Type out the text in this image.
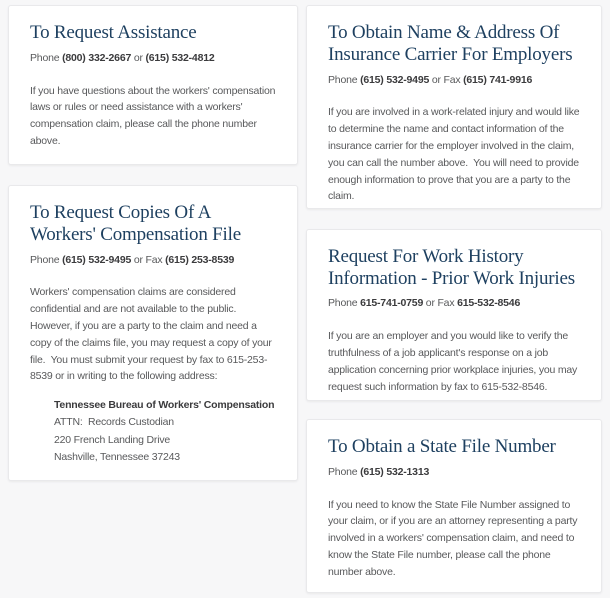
To Request Assistance

Phone (800) 332-2667 or (615) 532-4812

If you have questions about the workers' compensation laws or rules or need assistance with a workers' compensation claim, please call the phone number above.

To Request Copies Of A Workers' Compensation File

Phone (615) 532-9495 or Fax (615) 253-8539

Workers' compensation claims are considered confidential and are not available to the public.  However, if you are a party to the claim and need a copy of the claims file, you may request a copy of your file.  You must submit your request by fax to 615-253-8539 or in writing to the following address:

Tennessee Bureau of Workers' Compensation
ATTN:  Records Custodian
220 French Landing Drive
Nashville, Tennessee 37243
To Obtain Name & Address Of Insurance Carrier For Employers

Phone (615) 532-9495 or Fax (615) 741-9916

If you are involved in a work-related injury and would like to determine the name and contact information of the insurance carrier for the employer involved in the claim, you can call the number above.  You will need to provide enough information to prove that you are a party to the claim.

Request For Work History Information - Prior Work Injuries

Phone 615-741-0759 or Fax 615-532-8546

If you are an employer and you would like to verify the truthfulness of a job applicant's response on a job application concerning prior workplace injuries, you may request such information by fax to 615-532-8546.

To Obtain a State File Number

Phone (615) 532-1313

If you need to know the State File Number assigned to your claim, or if you are an attorney representing a party involved in a workers' compensation claim, and need to know the State File number, please call the phone number above.
